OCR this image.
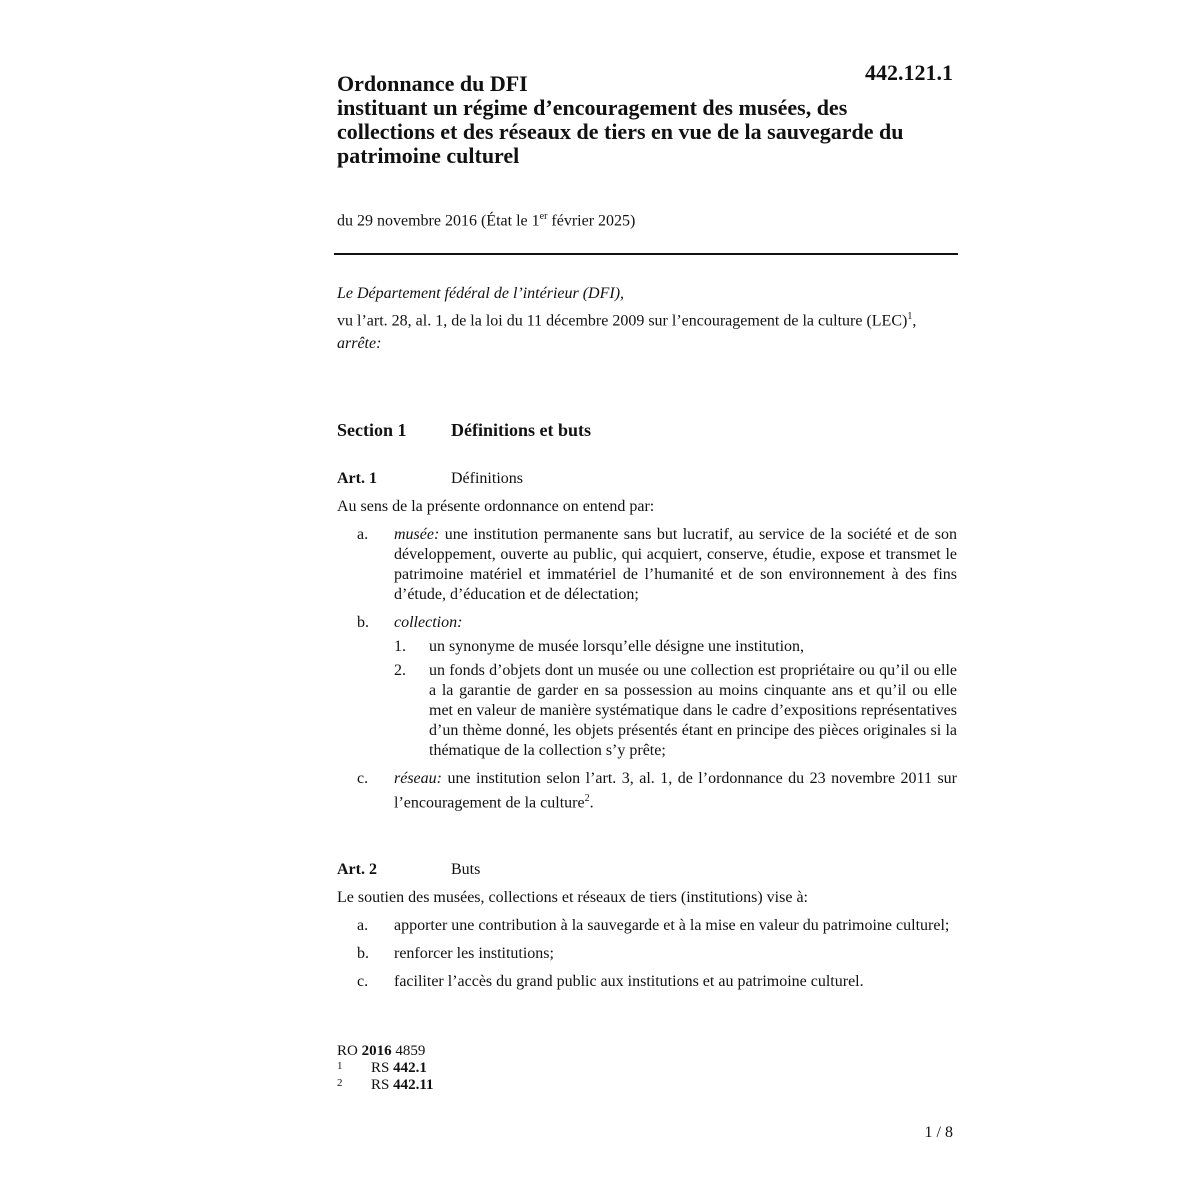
442.121.1
Ordonnance du DFI
instituant un régime d’encouragement des musées, des collections et des réseaux de tiers en vue de la sauvegarde du patrimoine culturel
du 29 novembre 2016 (État le 1er février 2025)

Le Département fédéral de l’intérieur (DFI),

vu l’art. 28, al. 1, de la loi du 11 décembre 2009 sur l’encouragement de la culture (LEC)$^1$,

arrête:

Section 1 Définitions et buts
Art. 1	Définitions
Au sens de la présente ordonnance on entend par:
a. musée: une institution permanente sans but lucratif, au service de la société et de son développement, ouverte au public, qui acquiert, conserve, étudie, expose et transmet le patrimoine matériel et immatériel de l’humanité et de son environnement à des fins d’étude, d’éducation et de délectation;
b. collection:
1. un synonyme de musée lorsqu’elle désigne une institution,
2. un fonds d’objets dont un musée ou une collection est propriétaire ou qu’il ou elle a la garantie de garder en sa possession au moins cinquante ans et qu’il ou elle met en valeur de manière systématique dans le cadre d’expositions représentatives d’un thème donné, les objets présentés étant en principe des pièces originales si la thématique de la collection s’y prête;
c. réseau: une institution selon l’art. 3, al. 1, de l’ordonnance du 23 novembre 2011 sur l’encouragement de la culture$^2$.
Art. 2	Buts
Le soutien des musées, collections et réseaux de tiers (institutions) vise à:
a. apporter une contribution à la sauvegarde et à la mise en valeur du patrimoine culturel;
b. renforcer les institutions;
c. faciliter l’accès du grand public aux institutions et au patrimoine culturel.
RO 2016 4859
1 RS 442.1
2 RS 442.11
1 / 8
